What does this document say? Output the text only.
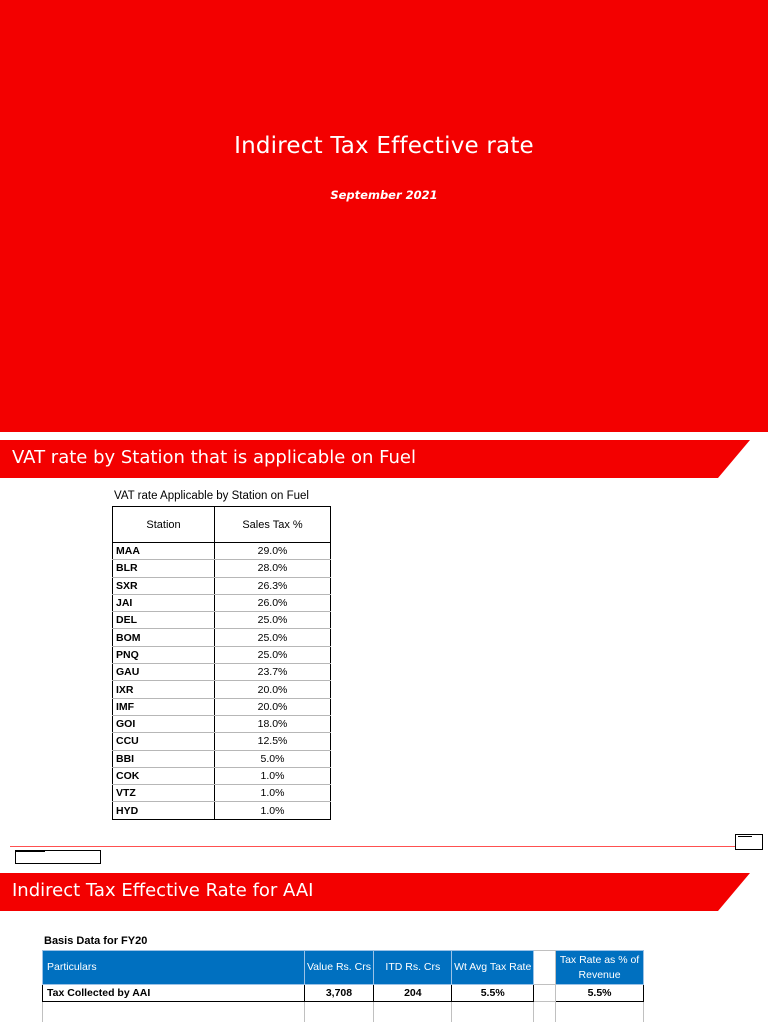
Indirect Tax Effective rate
September 2021
VAT rate by Station that is applicable on Fuel
VAT rate Applicable by Station on Fuel
Station	Sales Tax %
MAA	29.0%
BLR	28.0%
SXR	26.3%
JAI	26.0%
DEL	25.0%
BOM	25.0%
PNQ	25.0%
GAU	23.7%
IXR	20.0%
IMF	20.0%
GOI	18.0%
CCU	12.5%
BBI	5.0%
COK	1.0%
VTZ	1.0%
HYD	1.0%
Indirect Tax Effective Rate for AAI
Basis Data for FY20
Particulars	Value Rs. Crs	ITD Rs. Crs	Wt Avg Tax Rate		Tax Rate as % of Revenue
Tax Collected by AAI	3,708	204	5.5%		5.5%
